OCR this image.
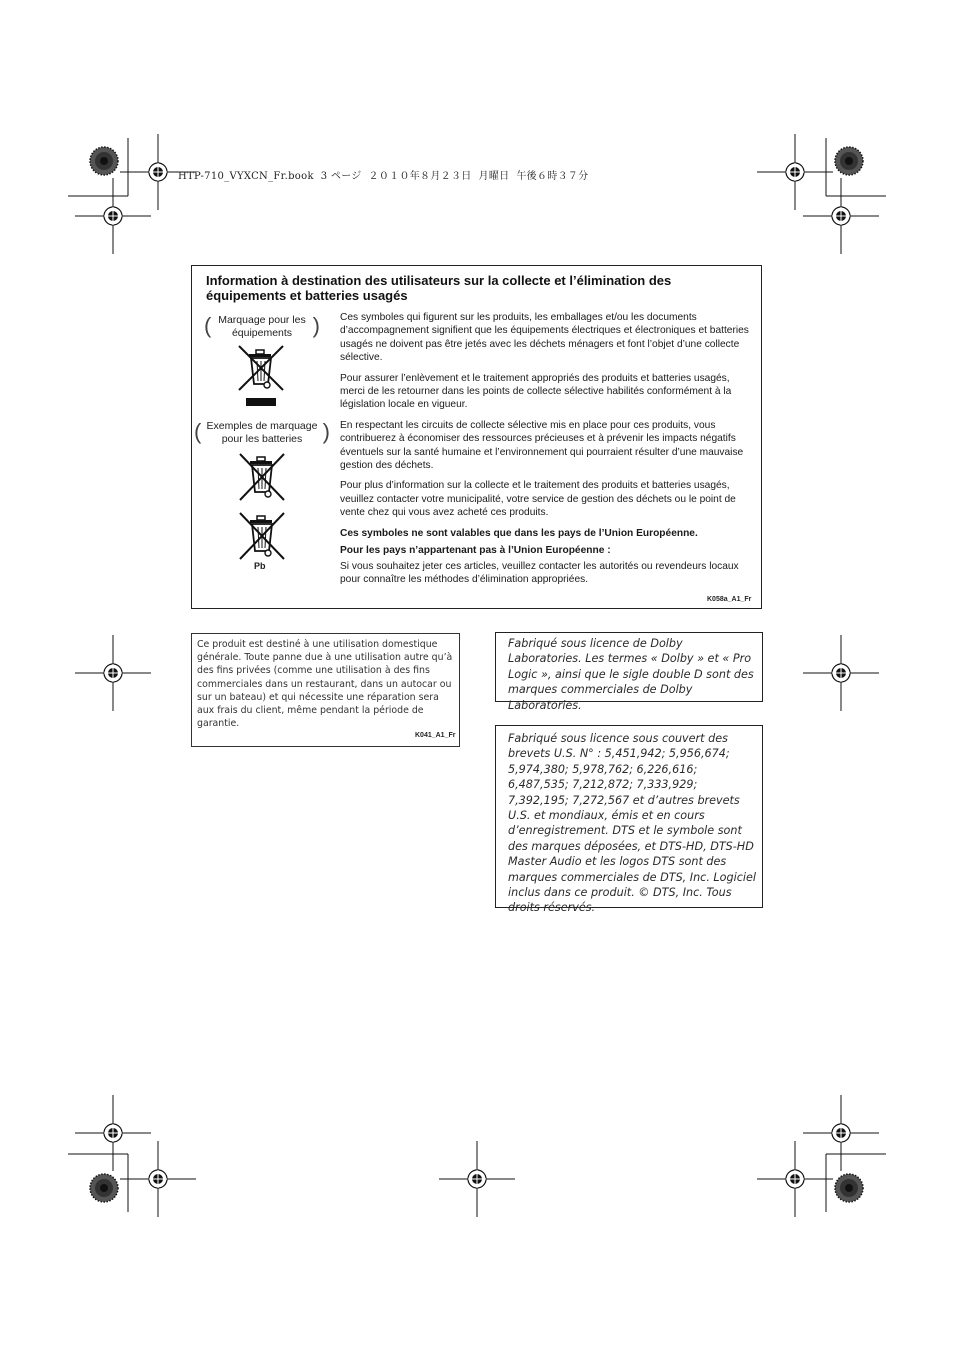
HTP-710_VYXCN_Fr.book  3 ページ  ２０１０年８月２３日  月曜日  午後６時３７分
Information à destination des utilisateurs sur la collecte et l’élimination des équipements et batteries usagés
( Marquage pour les équipements )
( Exemples de marquage pour les batteries )
Pb

Ces symboles qui figurent sur les produits, les emballages et/ou les documents d’accompagnement signifient que les équipements électriques et électroniques et batteries usagés ne doivent pas être jetés avec les déchets ménagers et font l’objet d’une collecte sélective.

Pour assurer l’enlèvement et le traitement appropriés des produits et batteries usagés, merci de les retourner dans les points de collecte sélective habilités conformément à la législation locale en vigueur.

En respectant les circuits de collecte sélective mis en place pour ces produits, vous contribuerez à économiser des ressources précieuses et à prévenir les impacts négatifs éventuels sur la santé humaine et l’environnement qui pourraient résulter d’une mauvaise gestion des déchets.

Pour plus d’information sur la collecte et le traitement des produits et batteries usagés, veuillez contacter votre municipalité, votre service de gestion des déchets ou le point de vente chez qui vous avez acheté ces produits.

Ces symboles ne sont valables que dans les pays de l’Union Européenne.

Pour les pays n’appartenant pas à l’Union Européenne :

Si vous souhaitez jeter ces articles, veuillez contacter les autorités ou revendeurs locaux pour connaître les méthodes d’élimination appropriées.

K058a_A1_Fr
Ce produit est destiné à une utilisation domestique générale. Toute panne due à une utilisation autre qu’à des fins privées (comme une utilisation à des fins commerciales dans un restaurant, dans un autocar ou sur un bateau) et qui nécessite une réparation sera aux frais du client, même pendant la période de garantie.
K041_A1_Fr
Fabriqué sous licence de Dolby Laboratories. Les termes « Dolby » et « Pro Logic », ainsi que le sigle double D sont des marques commerciales de Dolby Laboratories.
Fabriqué sous licence sous couvert des brevets U.S. N° : 5,451,942; 5,956,674; 5,974,380; 5,978,762; 6,226,616; 6,487,535; 7,212,872; 7,333,929; 7,392,195; 7,272,567 et d’autres brevets U.S. et mondiaux, émis et en cours d’enregistrement. DTS et le symbole sont des marques déposées, et DTS-HD, DTS-HD Master Audio et les logos DTS sont des marques commerciales de DTS, Inc. Logiciel inclus dans ce produit. © DTS, Inc. Tous droits réservés.
